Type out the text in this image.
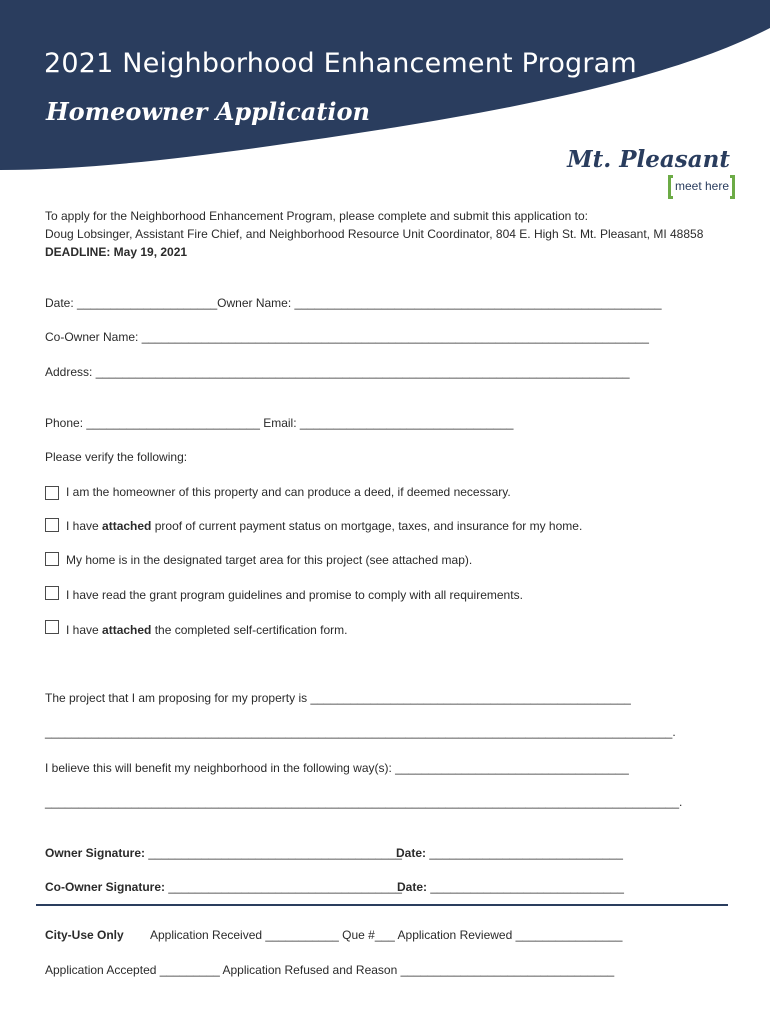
2021 Neighborhood Enhancement Program
Homeowner Application
Mt. Pleasant
meet here

To apply for the Neighborhood Enhancement Program, please complete and submit this application to:

Doug Lobsinger, Assistant Fire Chief, and Neighborhood Resource Unit Coordinator, 804 E. High St. Mt. Pleasant, MI 48858

DEADLINE: May 19, 2021

Date: _____________________Owner Name: _______________________________________________________

Co-Owner Name: ____________________________________________________________________________

Address: ________________________________________________________________________________

Phone: __________________________ Email: ________________________________

Please verify the following:

I am the homeowner of this property and can produce a deed, if deemed necessary.

I have attached proof of current payment status on mortgage, taxes, and insurance for my home.

My home is in the designated target area for this project (see attached map).

I have read the grant program guidelines and promise to comply with all requirements.

I have attached the completed self-certification form.

The project that I am proposing for my property is ________________________________________________

______________________________________________________________________________________________.

I believe this will benefit my neighborhood in the following way(s): ___________________________________

_______________________________________________________________________________________________.

Owner Signature: ______________________________________

Date: _____________________________

Co-Owner Signature: ___________________________________

Date: _____________________________

City-Use Only Application Received ___________ Que #___ Application Reviewed ________________

Application Accepted _________ Application Refused and Reason ________________________________
